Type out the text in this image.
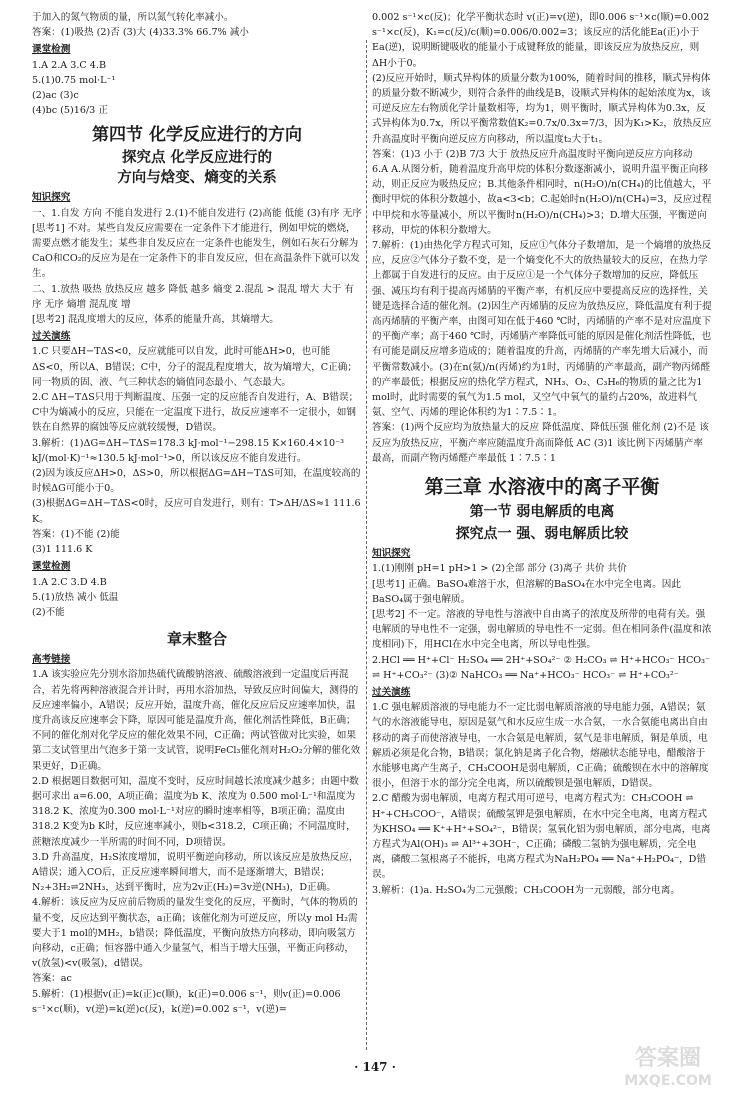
于加入的氮气物质的量，所以氮气转化率减小。

答案：(1)吸热 (2)否 (3)大 (4)33.3% 66.7% 减小

课堂检测

1.A 2.A 3.C 4.B

5.(1)0.75 mol·L⁻¹

(2)ac (3)c

(4)bc (5)16/3 正

第四节 化学反应进行的方向
探究点 化学反应进行的
方向与焓变、熵变的关系

知识探究

一、1.自发 方向 不能自发进行 2.(1)不能自发进行 (2)高能 低能 (3)有序 无序

[思考1] 不对。某些自发反应需要在一定条件下才能进行，例如甲烷的燃烧，需要点燃才能发生；某些非自发反应在一定条件也能发生，例如石灰石分解为CaO和CO₂的反应为是在一定条件下的非自发反应，但在高温条件下就可以发生。

二、1.放热 吸热 放热反应 越多 降低 越多 熵变 2.混乱 > 混乱 增大 大于 有序 无序 熵增 混乱度 增

[思考2] 混乱度增大的反应，体系的能量升高，其熵增大。

过关演练

1.C 只要ΔH−TΔS<0，反应就能可以自发，此时可能ΔH>0，也可能ΔS<0，所以A、B错误；C中，分子的混乱程度增大，故为熵增大，C正确；同一物质的固、液、气三种状态的熵值同态最小、气态最大。

2.C ΔH−TΔS只用于判断温度、压强一定的反应能否自发进行，A、B错误；C中为熵减小的反应，只能在一定温度下进行，故反应速率不一定很小，如钢铁在自然界的腐蚀等反应就较缓慢，D错误。

3.解析：(1)ΔG=ΔH−TΔS=178.3 kJ·mol⁻¹−298.15 K×160.4×10⁻³ kJ/(mol·K)⁻¹≈130.5 kJ·mol⁻¹>0，所以该反应不能自发进行。

(2)因为该反应ΔH>0，ΔS>0，所以根据ΔG=ΔH−TΔS可知，在温度较高的时候ΔG可能小于0。

(3)根据ΔG=ΔH−TΔS<0时，反应可自发进行，则有：T>ΔH/ΔS≈1 111.6 K。

答案：(1)不能 (2)能

(3)1 111.6 K

课堂检测

1.A 2.C 3.D 4.B

5.(1)放热 减小 低温

(2)不能

章末整合

高考链接

1.A 该实验应先分别水浴加热硫代硫酸钠溶液、硫酸溶液到一定温度后再混合，若先将两种溶液混合并计时，再用水浴加热，导致反应时间偏大，测得的反应速率偏小，A错误；反应开始，温度升高，催化反应后反应速率加快，温度升高该反应速率会下降，原因可能是温度升高，催化剂活性降低，B正确；不同的催化剂对化学反应的催化效果不同，C正确；两试管做对比实验，如果第二支试管里出气泡多于第一支试管，说明FeCl₃催化剂对H₂O₂分解的催化效果更好，D正确。

2.D 根据题目数据可知，温度不变时，反应时间越长浓度减少越多；由题中数据可求出 a=6.00，A项正确；温度为b K、浓度为 0.500 mol·L⁻¹和温度为318.2 K、浓度为0.300 mol·L⁻¹对应的瞬时速率相等，B项正确；温度由318.2 K变为b K时，反应速率减小，则b<318.2，C项正确；不同温度时，蔗糖浓度减少一半所需的时间不同，D项错误。

3.D 升高温度，H₂S浓度增加，说明平衡逆向移动，所以该反应是放热反应，A错误；通入CO后，正反应速率瞬间增大，而不是逐渐增大，B错误；N₂+3H₂⇌2NH₃，达到平衡时，应为2v正(H₂)=3v逆(NH₃)，D正确。

4.解析：该反应为反应前后物质的量发生变化的反应，平衡时，气体的物质的量不变，反应达到平衡状态，a正确；该催化剂为可逆反应，所以y mol H₂需要大于1 mol的MH₂，b错误；降低温度，平衡向放热方向移动，即向吸氢方向移动，c正确；恒容器中通入少量氢气，相当于增大压强，平衡正向移动，v(放氢)<v(吸氢)，d错误。

答案：ac

5.解析：(1)根据v(正)=k(正)c(顺)，k(正)=0.006 s⁻¹，则v(正)=0.006 s⁻¹×c(顺)，v(逆)=k(逆)c(反)，k(逆)=0.002 s⁻¹，v(逆)=

0.002 s⁻¹×c(反)；化学平衡状态时 v(正)=v(逆)，即0.006 s⁻¹×c(顺)=0.002 s⁻¹×c(反)，K₁=c(反)/c(顺)=0.006/0.002=3；该反应的活化能Ea(正)小于Ea(逆)，说明断键吸收的能量小于成键释放的能量，即该反应为放热反应，则ΔH小于0。

(2)反应开始时，顺式异构体的质量分数为100%，随着时间的推移，顺式异构体的质量分数不断减少，则符合条件的曲线是B，设顺式异构体的起始浓度为x，该可逆反应左右物质化学计量数相等，均为1，则平衡时，顺式异构体为0.3x，反式异构体为0.7x，所以平衡常数值K₂=0.7x/0.3x=7/3，因为K₁>K₂，放热反应升高温度时平衡向逆反应方向移动，所以温度t₂大于t₁。

答案：(1)3 小于 (2)B 7/3 大于 放热反应升高温度时平衡向逆反应方向移动

6.A A.从图分析，随着温度升高甲烷的体积分数逐渐减小，说明升温平衡正向移动，则正反应为吸热反应；B.其他条件相同时，n(H₂O)/n(CH₄)的比值越大，平衡时甲烷的体积分数越小，故a<3<b；C.起始时n(H₂O)/n(CH₄)=3，反应过程中甲烷和水等量减小，所以平衡时n(H₂O)/n(CH₄)>3；D.增大压强，平衡逆向移动，甲烷的体积分数增大。

7.解析：(1)由热化学方程式可知，反应①气体分子数增加，是一个熵增的放热反应，反应②气体分子数不变，是一个熵变化不大的放热量较大的反应，在热力学上都属于自发进行的反应。由于反应①是一个气体分子数增加的反应，降低压强、减压均有利于提高丙烯腈的平衡产率，有机反应中要提高反应的选择性，关键是选择合适的催化剂。(2)因生产丙烯腈的反应为放热反应，降低温度有利于提高丙烯腈的平衡产率，由图可知在低于460 ℃时，丙烯腈的产率不是对应温度下的平衡产率；高于460 ℃时，丙烯腈产率降低可能的原因是催化剂活性降低，也有可能是副反应增多造成的；随着温度的升高，丙烯腈的产率先增大后减小，而平衡常数减小。(3)在n(氨)/n(丙烯)约为1时，丙烯腈的产率最高，副产物丙烯醛的产率最低；根据反应的热化学方程式，NH₃、O₂、C₃H₆的物质的量之比为1 mol时，此时需要的氧气为1.5 mol，又空气中氧气的量约占20%，故进料气氨、空气、丙烯的理论体积约为1∶7.5∶1。

答案：(1)两个反应均为放热量大的反应 降低温度、降低压强 催化剂 (2)不是 该反应为放热反应，平衡产率应随温度升高而降低 AC (3)1 该比例下丙烯腈产率最高，而副产物丙烯醛产率最低 1∶7.5∶1

第三章 水溶液中的离子平衡
第一节 弱电解质的电离
探究点一 强、弱电解质比较

知识探究

1.(1)刚刚 pH=1 pH>1 > (2)全部 部分 (3)离子 共价 共价

[思考1] 正确。BaSO₄难溶于水，但溶解的BaSO₄在水中完全电离。因此BaSO₄属于强电解质。

[思考2] 不一定。溶液的导电性与溶液中自由离子的浓度及所带的电荷有关。强电解质的导电性不一定强，弱电解质的导电性不一定弱。但在相同条件(温度和浓度相同)下，用HCl在水中完全电离，所以导电性强。

2.HCl ══ H⁺+Cl⁻ H₂SO₄ ══ 2H⁺+SO₄²⁻ ② H₂CO₃ ⇌ H⁺+HCO₃⁻ HCO₃⁻ ⇌ H⁺+CO₃²⁻ (3)② NaHCO₃ ══ Na⁺+HCO₃⁻ HCO₃⁻ ⇌ H⁺+CO₃²⁻

过关演练

1.C 强电解质溶液的导电能力不一定比弱电解质溶液的导电能力强，A错误；氨气的水溶液能导电，原因是氨气和水反应生成一水合氨，一水合氨能电离出自由移动的离子而使溶液导电，一水合氨是电解质，氨气是非电解质，铜是单质，电解质必须是化合物，B错误；氯化钠是离子化合物，熔融状态能导电，醋酸溶于水能够电离产生离子，CH₃COOH是弱电解质，C正确；硫酸钡在水中的溶解度很小，但溶于水的部分完全电离，所以硫酸钡是强电解质，D错误。

2.C 醋酸为弱电解质，电离方程式用可逆号，电离方程式为：CH₃COOH ⇌ H⁺+CH₃COO⁻，A错误；硫酸氢钾是强电解质，在水中完全电离，电离方程式为KHSO₄ ══ K⁺+H⁺+SO₄²⁻，B错误；氢氧化铝为弱电解质，部分电离，电离方程式为Al(OH)₃ ⇌ Al³⁺+3OH⁻，C正确；磷酸二氢钠为强电解质，完全电离，磷酸二氢根离子不能拆，电离方程式为NaH₂PO₄ ══ Na⁺+H₂PO₄⁻，D错误。

3.解析：(1)a. H₂SO₄为二元强酸；CH₃COOH为一元弱酸，部分电离。

· 147 ·	答案圈
MXQE.COM
